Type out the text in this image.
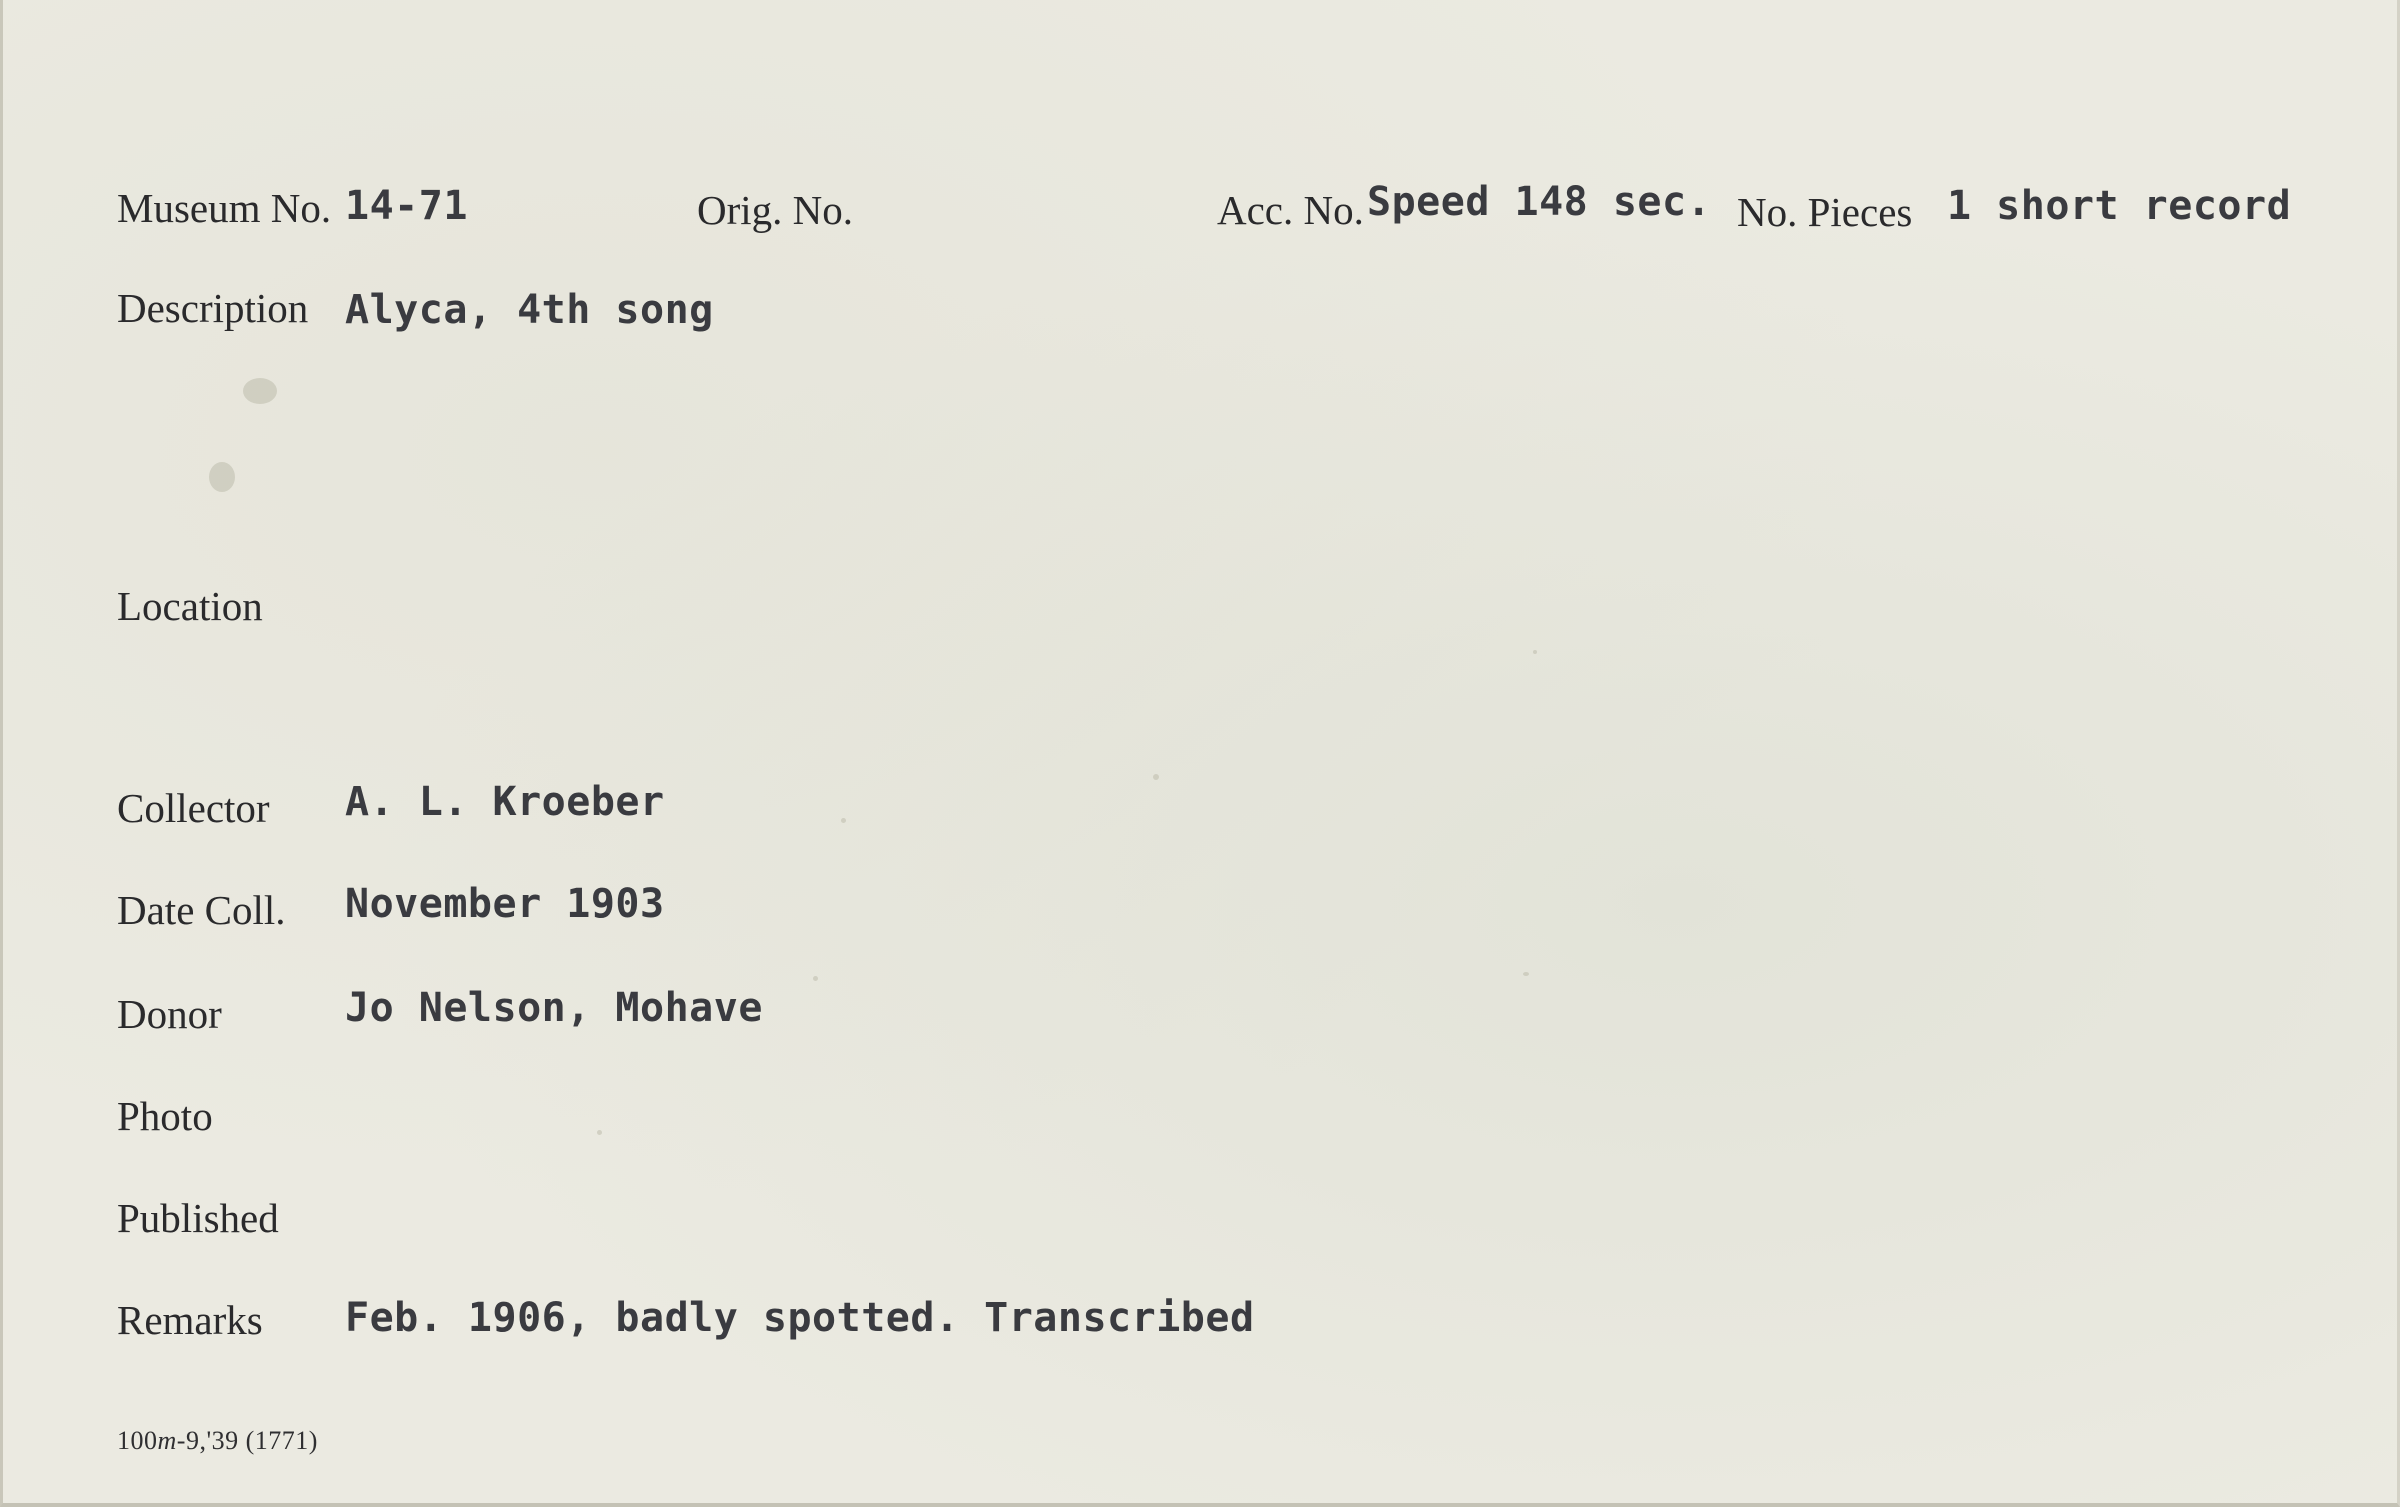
Museum No. 14-71	Orig. No.	Acc. No. Speed 148 sec. No. Pieces 1 short record
Description Alyca, 4th song
Location
Collector A. L. Kroeber
Date Coll. November 1903
Donor	Jo Nelson, Mohave
Photo
Published
Remarks Feb. 1906, badly spotted. Transcribed
100m-9,'39 (1771)
